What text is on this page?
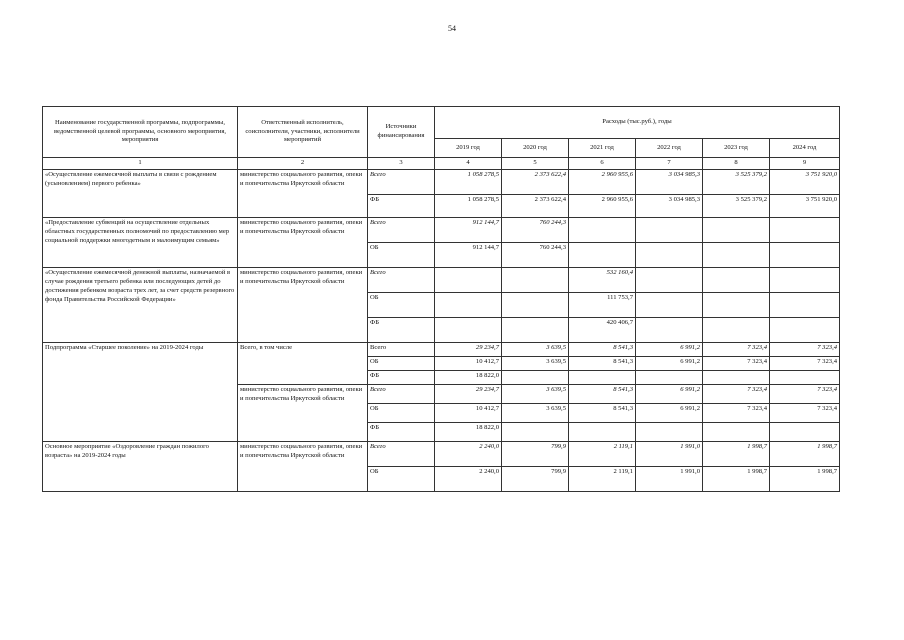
54
Наименование государственной программы, подпрограммы, ведомственной целевой программы, основного мероприятия, мероприятия	Ответственный исполнитель, соисполнители, участники, исполнители мероприятий	Источники финансирования	Расходы (тыс.руб.), годы					
			2019 год	2020 год	2021 год	2022 год	2023 год	2024 год
1	2	3	4	5	6	7	8	9
«Осуществление ежемесячной выплаты в связи с рождением (усыновлением) первого ребенка»	министерство социального развития, опеки и попечительства Иркутской области	Всего	1 058 278,5	2 373 622,4	2 960 955,6	3 034 985,3	3 525 379,2	3 751 920,0
		ФБ	1 058 278,5	2 373 622,4	2 960 955,6	3 034 985,3	3 525 379,2	3 751 920,0
«Предоставление субвенций на осуществление отдельных областных государственных полномочий по предоставлению мер социальной поддержки многодетным и малоимущим семьям»	министерство социального развития, опеки и попечительства Иркутской области	Всего	912 144,7	760 244,3				
		ОБ	912 144,7	760 244,3				
«Осуществление ежемесячной денежной выплаты, назначаемой в случае рождения третьего ребенка или последующих детей до достижения ребенком возраста трех лет, за счет средств резервного фонда Правительства Российской Федерации»	министерство социального развития, опеки и попечительства Иркутской области	Всего			532 160,4			
		ОБ			111 753,7			
		ФБ			420 406,7			
Подпрограмма «Старшее поколение» на 2019-2024 годы	Всего, в том числе	Всего	29 234,7	3 639,5	8 541,3	6 991,2	7 323,4	7 323,4
		ОБ	10 412,7	3 639,5	8 541,3	6 991,2	7 323,4	7 323,4
		ФБ	18 822,0					
	министерство социального развития, опеки и попечительства Иркутской области	Всего	29 234,7	3 639,5	8 541,3	6 991,2	7 323,4	7 323,4
		ОБ	10 412,7	3 639,5	8 541,3	6 991,2	7 323,4	7 323,4
		ФБ	18 822,0					
Основное мероприятие «Оздоровление граждан пожилого возраста» на 2019-2024 годы	министерство социального развития, опеки и попечительства Иркутской области	Всего	2 240,0	799,9	2 119,1	1 991,0	1 998,7	1 998,7
		ОБ	2 240,0	799,9	2 119,1	1 991,0	1 998,7	1 998,7
